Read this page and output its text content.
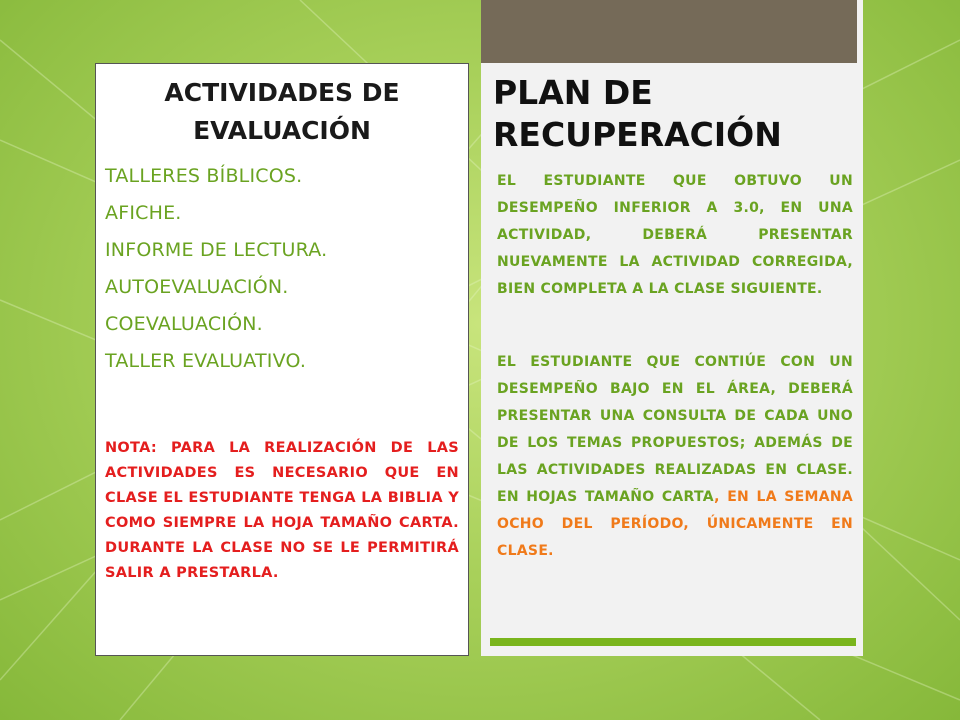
ACTIVIDADES DE EVALUACIÓN
TALLERES BÍBLICOS.
AFICHE.
INFORME DE LECTURA.
AUTOEVALUACIÓN.
COEVALUACIÓN.
TALLER EVALUATIVO.
NOTA: PARA LA REALIZACIÓN DE LAS ACTIVIDADES ES NECESARIO QUE EN CLASE EL ESTUDIANTE TENGA LA BIBLIA Y COMO SIEMPRE LA HOJA TAMAÑO CARTA. DURANTE LA CLASE NO SE LE PERMITIRÁ SALIR A PRESTARLA.
PLAN DE RECUPERACIÓN
EL ESTUDIANTE QUE OBTUVO UN DESEMPEÑO INFERIOR A 3.0, EN UNA ACTIVIDAD, DEBERÁ PRESENTAR NUEVAMENTE LA ACTIVIDAD CORREGIDA, BIEN COMPLETA A LA CLASE SIGUIENTE.
EL ESTUDIANTE QUE CONTIÚE CON UN DESEMPEÑO BAJO EN EL ÁREA, DEBERÁ PRESENTAR UNA CONSULTA DE CADA UNO DE LOS TEMAS PROPUESTOS; ADEMÁS DE LAS ACTIVIDADES REALIZADAS EN CLASE. EN HOJAS TAMAÑO CARTA, EN LA SEMANA OCHO DEL PERÍODO, ÚNICAMENTE EN CLASE.
